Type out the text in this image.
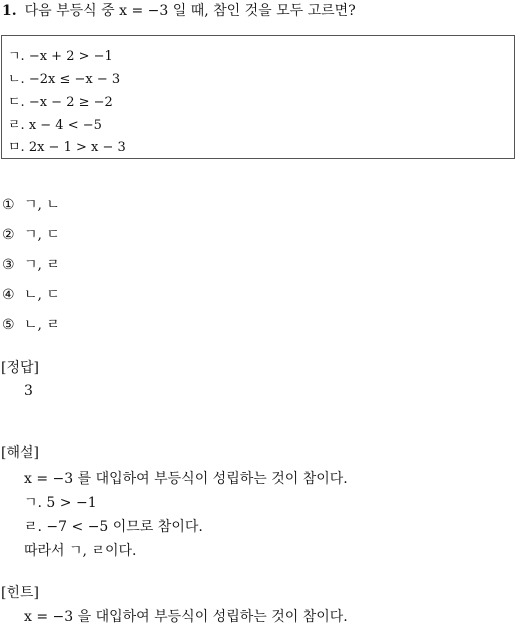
1. 다음 부등식 중 x = −3 일 때, 참인 것을 모두 고르면?
ㄱ. −x + 2 > −1
ㄴ. −2x ≤ −x − 3
ㄷ. −x − 2 ≥ −2
ㄹ. x − 4 < −5
ㅁ. 2x − 1 > x − 3
① ㄱ, ㄴ
② ㄱ, ㄷ
③ ㄱ, ㄹ
④ ㄴ, ㄷ
⑤ ㄴ, ㄹ
[정답]
3
[해설]
x = −3 를 대입하여 부등식이 성립하는 것이 참이다.
ㄱ. 5 > −1
ㄹ. −7 < −5 이므로 참이다.
따라서 ㄱ, ㄹ이다.
[힌트]
x = −3 을 대입하여 부등식이 성립하는 것이 참이다.
